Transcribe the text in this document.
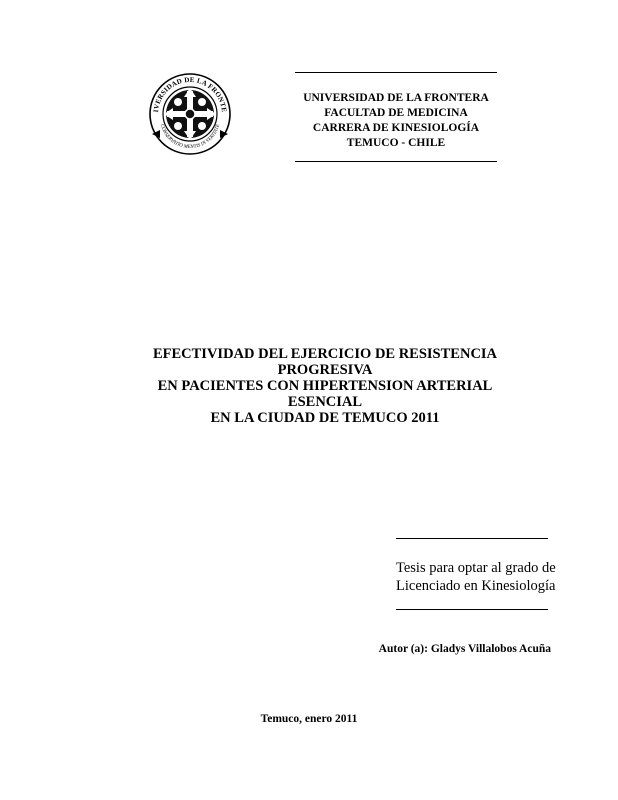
IVERSIDAD DE LA FRONTE
CONSERVATIO MENTIS IN VERITATE
UNIVERSIDAD DE LA FRONTERA
FACULTAD DE MEDICINA
CARRERA DE KINESIOLOGÍA
TEMUCO - CHILE
EFECTIVIDAD DEL EJERCICIO DE RESISTENCIA
PROGRESIVA
EN PACIENTES CON HIPERTENSION ARTERIAL ESENCIAL
EN LA CIUDAD DE TEMUCO 2011
Tesis para optar al grado de
Licenciado en Kinesiología
Autor (a): Gladys Villalobos Acuña
Temuco, enero 2011
